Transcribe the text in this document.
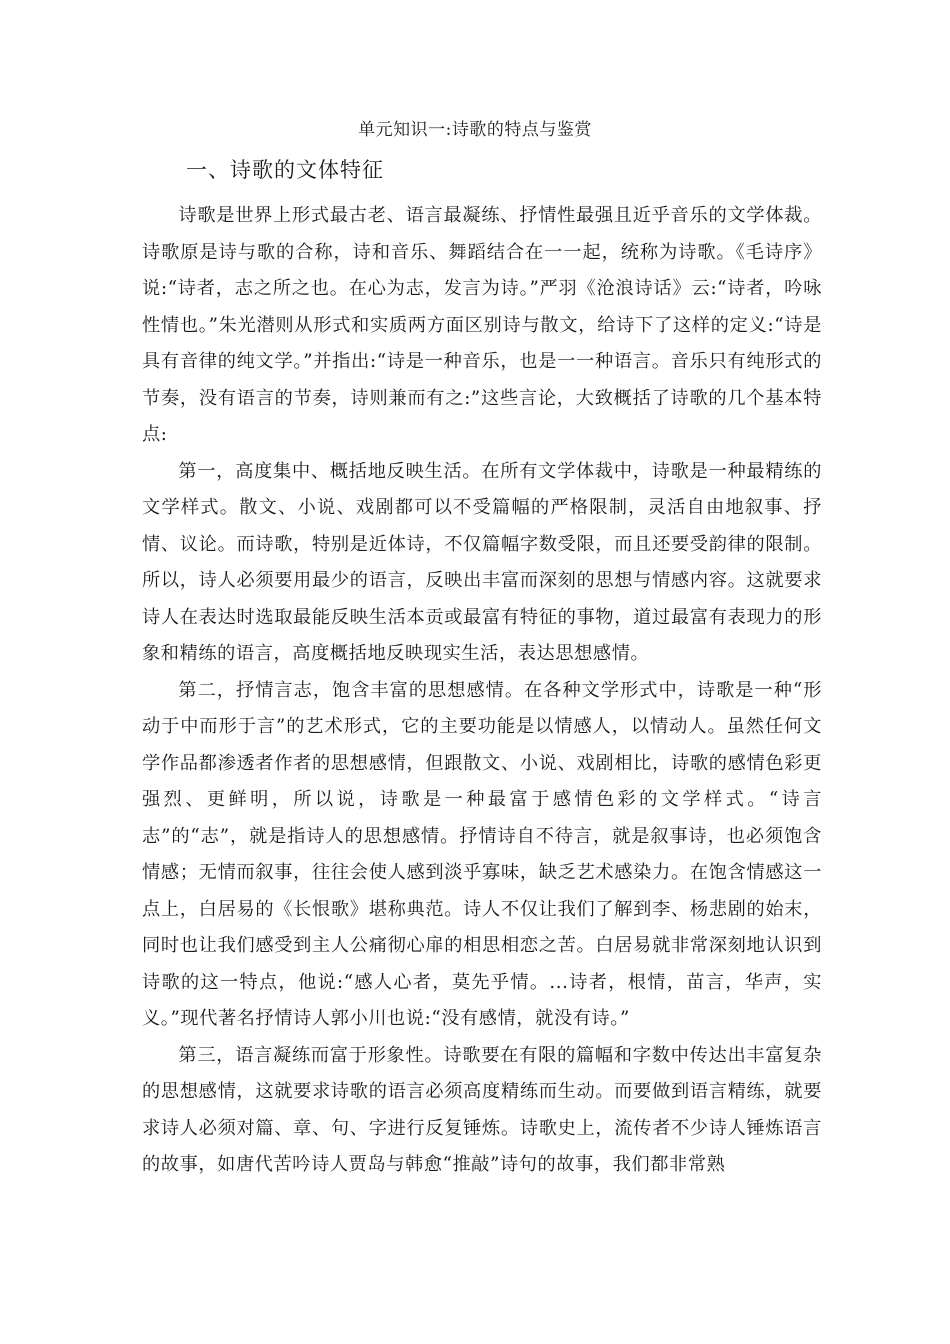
单元知识一:诗歌的特点与鉴赏
一、诗歌的文体特征

诗歌是世界上形式最古老、语言最凝练、抒情性最强且近乎音乐的文学体裁。诗歌原是诗与歌的合称，诗和音乐、舞蹈结合在一一起，统称为诗歌。《毛诗序》说:“诗者，志之所之也。在心为志，发言为诗。”严羽《沧浪诗话》云:“诗者，吟咏性情也。”朱光潜则从形式和实质两方面区别诗与散文，给诗下了这样的定义:“诗是具有音律的纯文学。”并指出:“诗是一种音乐，也是一一种语言。音乐只有纯形式的节奏，没有语言的节奏，诗则兼而有之:”这些言论，大致概括了诗歌的几个基本特点:

第一，高度集中、概括地反映生活。在所有文学体裁中，诗歌是一种最精练的文学样式。散文、小说、戏剧都可以不受篇幅的严格限制，灵活自由地叙事、抒情、议论。而诗歌，特别是近体诗，不仅篇幅字数受限，而且还要受韵律的限制。所以，诗人必须要用最少的语言，反映出丰富而深刻的思想与情感内容。这就要求诗人在表达时选取最能反映生活本贡或最富有特征的事物，道过最富有表现力的形象和精练的语言，高度概括地反映现实生活，表达思想感情。

第二，抒情言志，饱含丰富的思想感情。在各种文学形式中，诗歌是一种“形动于中而形于言”的艺术形式，它的主要功能是以情感人，以情动人。虽然任何文学作品都渗透者作者的思想感情，但跟散文、小说、戏剧相比，诗歌的感情色彩更强烈、更鲜明，所以说，诗歌是一种最富于感情色彩的文学样式。“诗言志”的“志”，就是指诗人的思想感情。抒情诗自不待言，就是叙事诗，也必须饱含情感；无情而叙事，往往会使人感到淡乎寡味，缺乏艺术感染力。在饱含情感这一点上，白居易的《长恨歌》堪称典范。诗人不仅让我们了解到李、杨悲剧的始末，同时也让我们感受到主人公痛彻心扉的相思相恋之苦。白居易就非常深刻地认识到诗歌的这一特点，他说:“感人心者，莫先乎情。...诗者，根情，苗言，华声，实义。”现代著名抒情诗人郭小川也说:“没有感情，就没有诗。”

第三，语言凝练而富于形象性。诗歌要在有限的篇幅和字数中传达出丰富复杂的思想感情，这就要求诗歌的语言必须高度精练而生动。而要做到语言精练，就要求诗人必须对篇、章、句、字进行反复锤炼。诗歌史上，流传者不少诗人锤炼语言的故事，如唐代苦吟诗人贾岛与韩愈“推敲”诗句的故事，我们都非常熟
